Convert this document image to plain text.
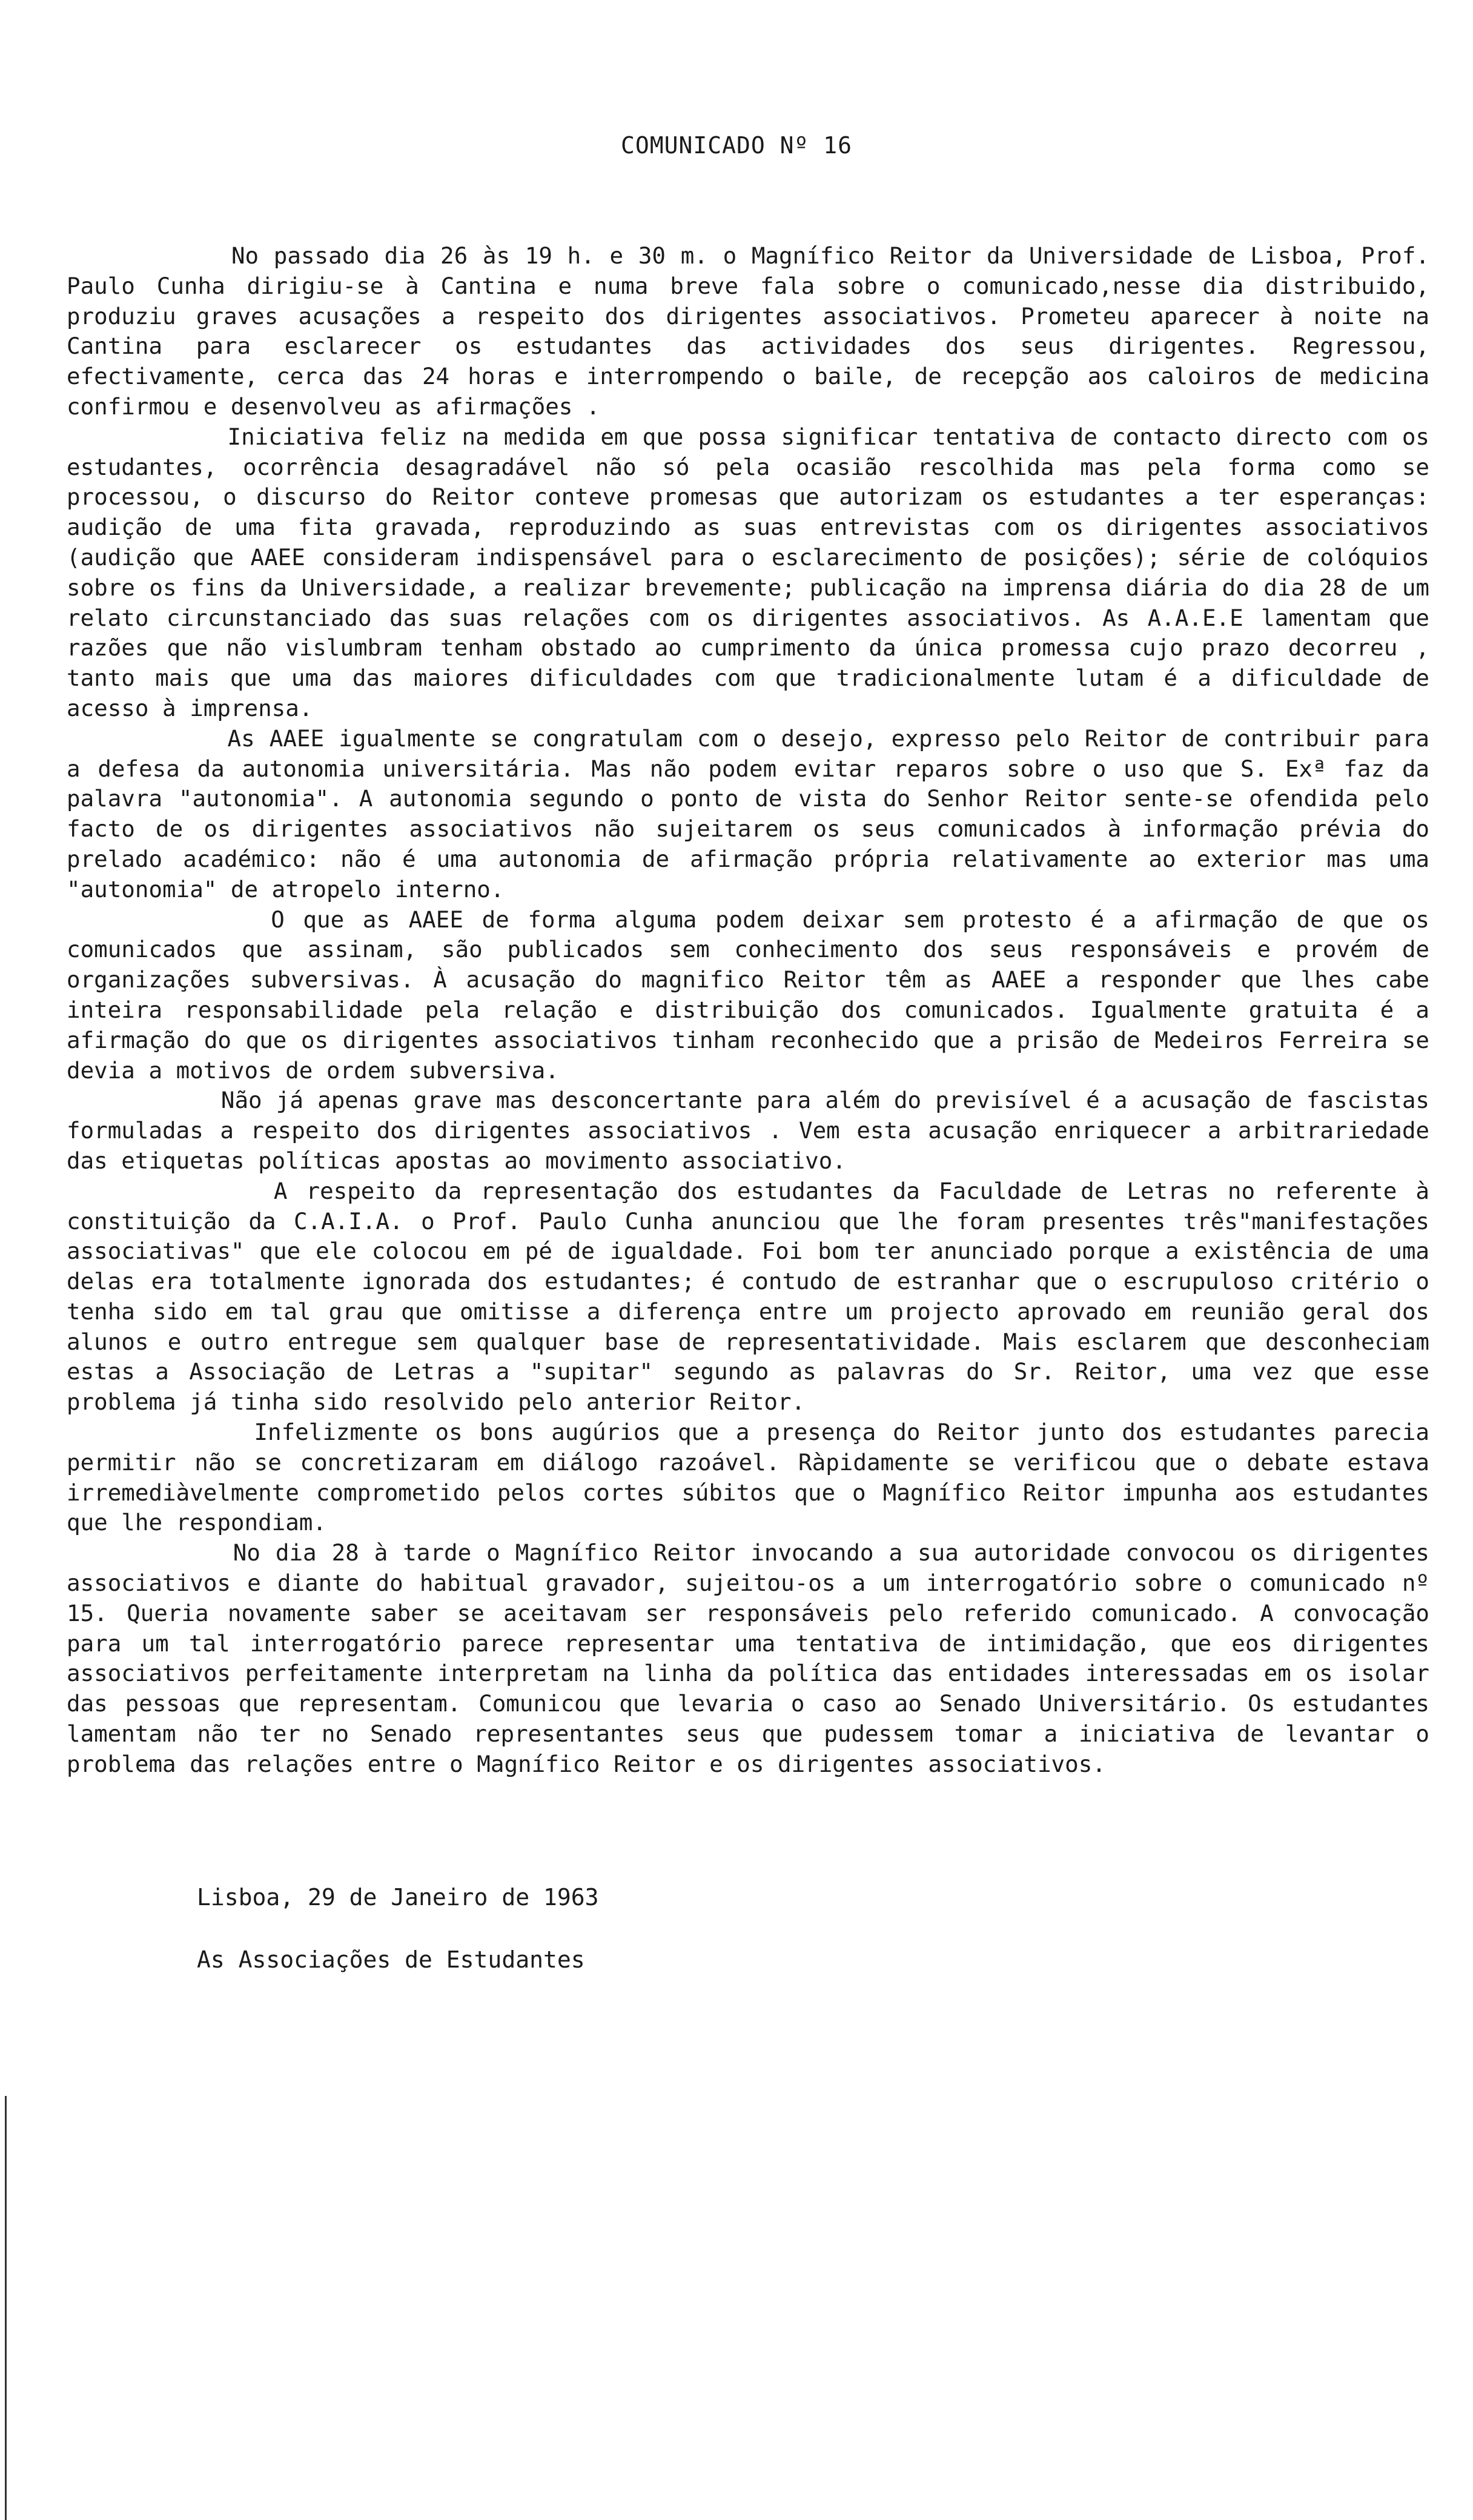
COMUNICADO Nº 16

No passado dia 26 às 19 h. e 30 m. o Magnífico Reitor da Universidade de Lisboa, Prof. Paulo Cunha dirigiu-se à Cantina e numa breve fala sobre o comunicado,nesse dia distribuido, produziu graves acusações a respeito dos dirigentes associativos. Prometeu aparecer à noite na Cantina para esclarecer os estudantes das actividades dos seus dirigentes. Regressou, efectivamente, cerca das 24 horas e interrompendo o baile, de recepção aos caloiros de medicina confirmou e desenvolveu as afirmações .

Iniciativa feliz na medida em que possa significar tentativa de contacto directo com os estudantes, ocorrência desagradável não só pela ocasião rescolhida mas pela forma como se processou, o discurso do Reitor conteve promesas que autorizam os estudantes a ter esperanças: audição de uma fita gravada, reproduzindo as suas entrevistas com os dirigentes associativos (audição que AAEE consideram indispensável para o esclarecimento de posições); série de colóquios sobre os fins da Universidade, a realizar brevemente; publicação na imprensa diária do dia 28 de um relato circunstanciado das suas relações com os dirigentes associativos. As A.A.E.E lamentam que razões que não vislumbram tenham obstado ao cumprimento da única promessa cujo prazo decorreu , tanto mais que uma das maiores dificuldades com que tradicionalmente lutam é a dificuldade de acesso à imprensa.

As AAEE igualmente se congratulam com o desejo, expresso pelo Reitor de contribuir para a defesa da autonomia universitária. Mas não podem evitar reparos sobre o uso que S. Exª faz da palavra "autonomia". A autonomia segundo o ponto de vista do Senhor Reitor sente-se ofendida pelo facto de os dirigentes associativos não sujeitarem os seus comunicados à informação prévia do prelado académico: não é uma autonomia de afirmação própria relativamente ao exterior mas uma "autonomia" de atropelo interno.

O que as AAEE de forma alguma podem deixar sem protesto é a afirmação de que os comunicados que assinam, são publicados sem conhecimento dos seus responsáveis e provém de organizações subversivas. À acusação do magnifico Reitor têm as AAEE a responder que lhes cabe inteira responsabilidade pela relação e distribuição dos comunicados. Igualmente gratuita é a afirmação do que os dirigentes associativos tinham reconhecido que a prisão de Medeiros Ferreira se devia a motivos de ordem subversiva.

Não já apenas grave mas desconcertante para além do previsível é a acusação de fascistas formuladas a respeito dos dirigentes associativos . Vem esta acusação enriquecer a arbitrariedade das etiquetas políticas apostas ao movimento associativo.

A respeito da representação dos estudantes da Faculdade de Letras no referente à constituição da C.A.I.A. o Prof. Paulo Cunha anunciou que lhe foram presentes três"manifestações associativas" que ele colocou em pé de igualdade. Foi bom ter anunciado porque a existência de uma delas era totalmente ignorada dos estudantes; é contudo de estranhar que o escrupuloso critério o tenha sido em tal grau que omitisse a diferença entre um projecto aprovado em reunião geral dos alunos e outro entregue sem qualquer base de representatividade. Mais esclarem que desconheciam estas a Associação de Letras a "supitar" segundo as palavras do Sr. Reitor, uma vez que esse problema já tinha sido resolvido pelo anterior Reitor.

Infelizmente os bons augúrios que a presença do Reitor junto dos estudantes parecia permitir não se concretizaram em diálogo razoável. Ràpidamente se verificou que o debate estava irremediàvelmente comprometido pelos cortes súbitos que o Magnífico Reitor impunha aos estudantes que lhe respondiam.

No dia 28 à tarde o Magnífico Reitor invocando a sua autoridade convocou os dirigentes associativos e diante do habitual gravador, sujeitou-os a um interrogatório sobre o comunicado nº 15. Queria novamente saber se aceitavam ser responsáveis pelo referido comunicado. A convocação para um tal interrogatório parece representar uma tentativa de intimidação, que eos dirigentes associativos perfeitamente interpretam na linha da política das entidades interessadas em os isolar das pessoas que representam. Comunicou que levaria o caso ao Senado Universitário. Os estudantes lamentam não ter no Senado representantes seus que pudessem tomar a iniciativa de levantar o problema das relações entre o Magnífico Reitor e os dirigentes associativos.

Lisboa, 29 de Janeiro de 1963
As Associações de Estudantes
